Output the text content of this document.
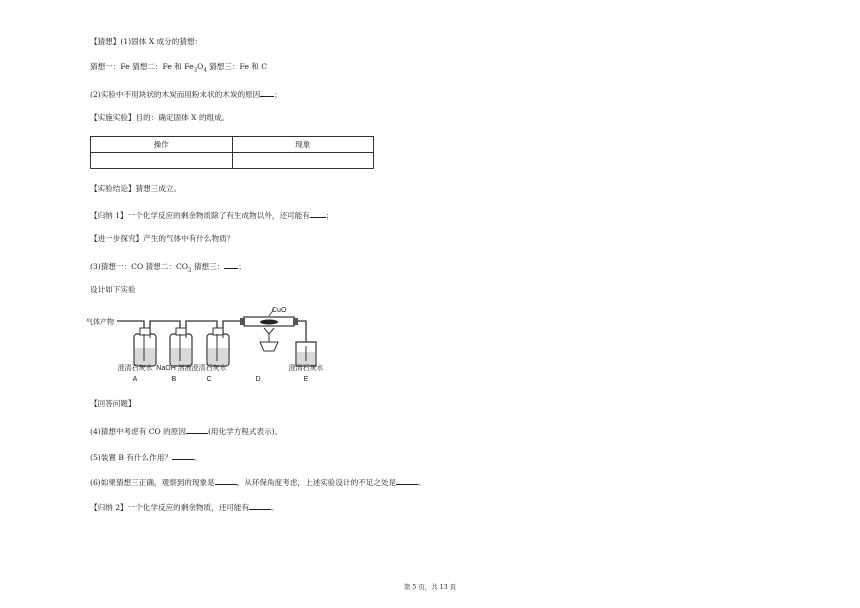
【猜想】(1)固体 X 成分的猜想：
猜想一：Fe 猜想二：Fe 和 $Fe_3O_4$ 猜想三：Fe 和 C
(2)实验中不用块状的木炭而用粉末状的木炭的原因 ；
【实施实验】目的：确定固体 X 的组成。
操作	现象

【实验结论】猜想三成立。
【归纳 1】一个化学反应的剩余物质除了有生成物以外，还可能有 ；
【进一步探究】产生的气体中有什么物质？
(3)猜想一：CO 猜想二：$CO_2$ 猜想三： ；
设计如下实验
气体产物
CuO
澄清石灰水
A
NaOH 溶液
B
澄清石灰水
C	D
澄清石灰水
E
【回答问题】
(4)猜想中考虑有 CO 的原因	(用化学方程式表示)。
(5)装置 B 有什么作用？	。
(6)如果猜想三正确，观察到的现象是	，从环保角度考虑，上述实验设计的不足之处是	。
【归纳 2】一个化学反应的剩余物质，还可能有	。
第 5 页，共 13 页
